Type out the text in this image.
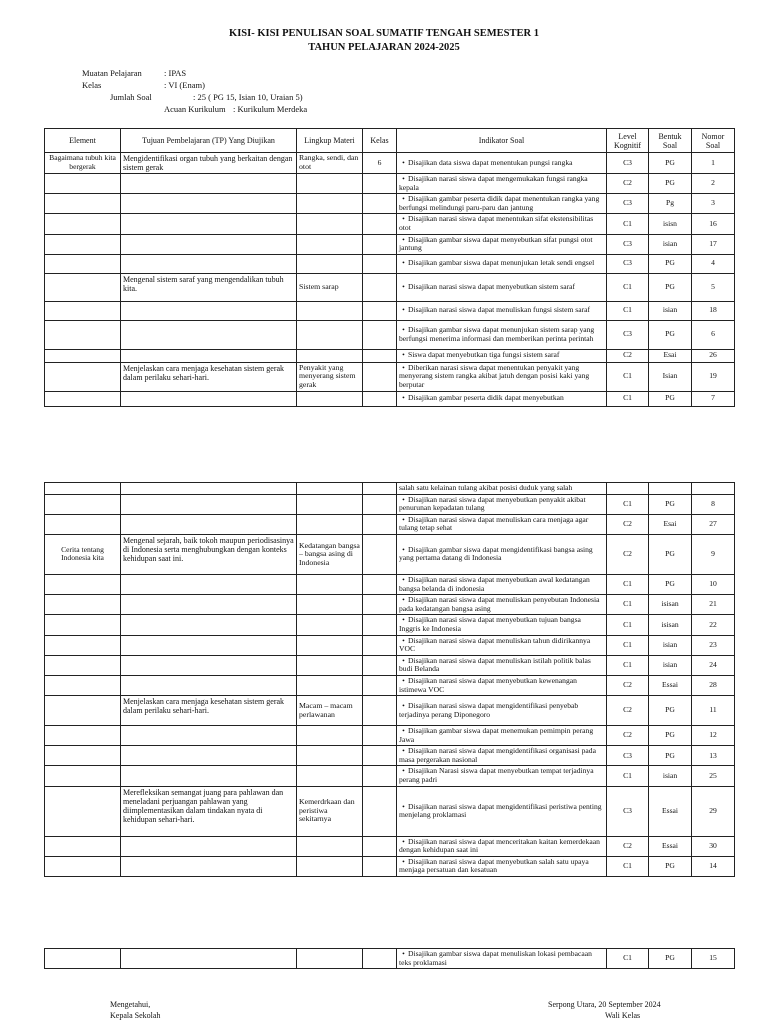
KISI- KISI PENULISAN SOAL SUMATIF TENGAH SEMESTER 1
TAHUN PELAJARAN 2024-2025
Muatan Pelajaran	: IPAS
Kelas	: VI (Enam)
Jumlah Soal	: 25 ( PG 15, Isian 10, Uraian 5)
Acuan Kurikulum : Kurikulum Merdeka
Element	Tujuan Pembelajaran (TP) Yang Diujikan	Lingkup Materi	Kelas	Indikator Soal	Level Kognitif	Bentuk Soal	Nomor Soal
Bagaimana tubuh kita bergerak	Mengidentifikasi organ tubuh yang berkaitan dengan sistem gerak	Rangka, sendi, dan otot	6	• Disajikan data siswa dapat menentukan pungsi rangka	C3	PG	1
				• Disajikan narasi siswa dapat mengemukakan fungsi rangka kepala	C2	PG	2
				• Disajikan gambar peserta didik dapat menentukan rangka yang berfungsi melindungi paru-paru dan jantung	C3	Pg	3
				• Disajikan narasi siswa dapat menentukan sifat ekstensibilitas otot	C1	isisn	16
				• Disajikan gambar siswa dapat menyebutkan sifat pungsi otot jantung	C3	isian	17
				• Disajikan gambar siswa dapat menunjukan letak sendi engsel	C3	PG	4
	Mengenal sistem saraf yang mengendalikan tubuh kita.	Sistem sarap		• Disajikan narasi siswa dapat menyebutkan sistem saraf	C1	PG	5
				• Disajikan narasi siswa dapat menuliskan fungsi sistem saraf	C1	isian	18
				• Disajikan gambar siswa dapat menunjukan sistem sarap yang berfungsi menerima informasi dan memberikan perinta perintah	C3	PG	6
				• Siswa dapat menyebutkan tiga fungsi sistem saraf	C2	Esai	26
	Menjelaskan cara menjaga kesehatan sistem gerak dalam perilaku sehari-hari.	Penyakit yang menyerang sistem gerak		• Diberikan narasi siswa dapat menentukan penyakit yang menyerang sistem rangka akibat jatuh dengan posisi kaki yang berputar	C1	Isian	19
				• Disajikan gambar peserta didik dapat menyebutkan	C1	PG	7
				salah satu kelainan tulang akibat posisi duduk yang salah			
				• Disajikan narasi siswa dapat menyebutkan penyakit akibat penurunan kepadatan tulang	C1	PG	8
				• Disajikan narasi siswa dapat menuliskan cara menjaga agar tulang tetap sehat	C2	Esai	27
Cerita tentang Indonesia kita	Mengenal sejarah, baik tokoh maupun periodisasinya di Indonesia serta menghubungkan dengan konteks kehidupan saat ini.	Kedatangan bangsa – bangsa asing di Indonesia		• Disajikan gambar siswa dapat mengidentifikasi bangsa asing yang pertama datang di Indonesia	C2	PG	9
				• Disajikan narasi siswa dapat menyebutkan awal kedatangan bangsa belanda di indonesia	C1	PG	10
				• Disajikan narasi siswa dapat menuliskan penyebutan Indonesia pada kedatangan bangsa asing	C1	isisan	21
				• Disajikan narasi siswa dapat menyebutkan tujuan bangsa Inggris ke Indonesia	C1	isisan	22
				• Disajikan narasi siswa dapat menuliskan tahun didirikannya VOC	C1	isian	23
				• Disajikan narasi siswa dapat menuliskan istilah politik balas budi Belanda	C1	isian	24
				• Disajikan narasi siswa dapat menyebutkan kewenangan istimewa VOC	C2	Essai	28
	Menjelaskan cara menjaga kesehatan sistem gerak dalam perilaku sehari-hari.	Macam – macam perlawanan		• Disajikan narasi siswa dapat mengidentifikasi penyebab terjadinya perang Diponegoro	C2	PG	11
				• Disajikan gambar siswa dapat menemukan pemimpin perang Jawa	C2	PG	12
				• Disajikan narasi siswa dapat mengidentifikasi organisasi pada masa pergerakan nasional	C3	PG	13
				• Disajikan Narasi siswa dapat menyebutkan tempat terjadinya perang padri	C1	isian	25
	Merefleksikan semangat juang para pahlawan dan meneladani perjuangan pahlawan yang diimplementasikan dalam tindakan nyata di kehidupan sehari-hari.	Kemerdrkaan dan peristiwa sekitarnya		• Disajikan narasi siswa dapat mengidentifikasi peristiwa penting menjelang proklamasi	C3	Essai	29
				• Disajikan narasi siswa dapat menceritakan kaitan kemerdekaan dengan kehidupan saat ini	C2	Essai	30
				• Disajikan narasi siswa dapat menyebutkan salah satu upaya menjaga persatuan dan kesatuan	C1	PG	14
				• Disajikan gambar siswa dapat menuliskan lokasi pembacaan teks proklamasi	C1	PG	15
Mengetahui,
Kepala Sekolah
Serpong Utara, 20 September 2024
Wali Kelas
